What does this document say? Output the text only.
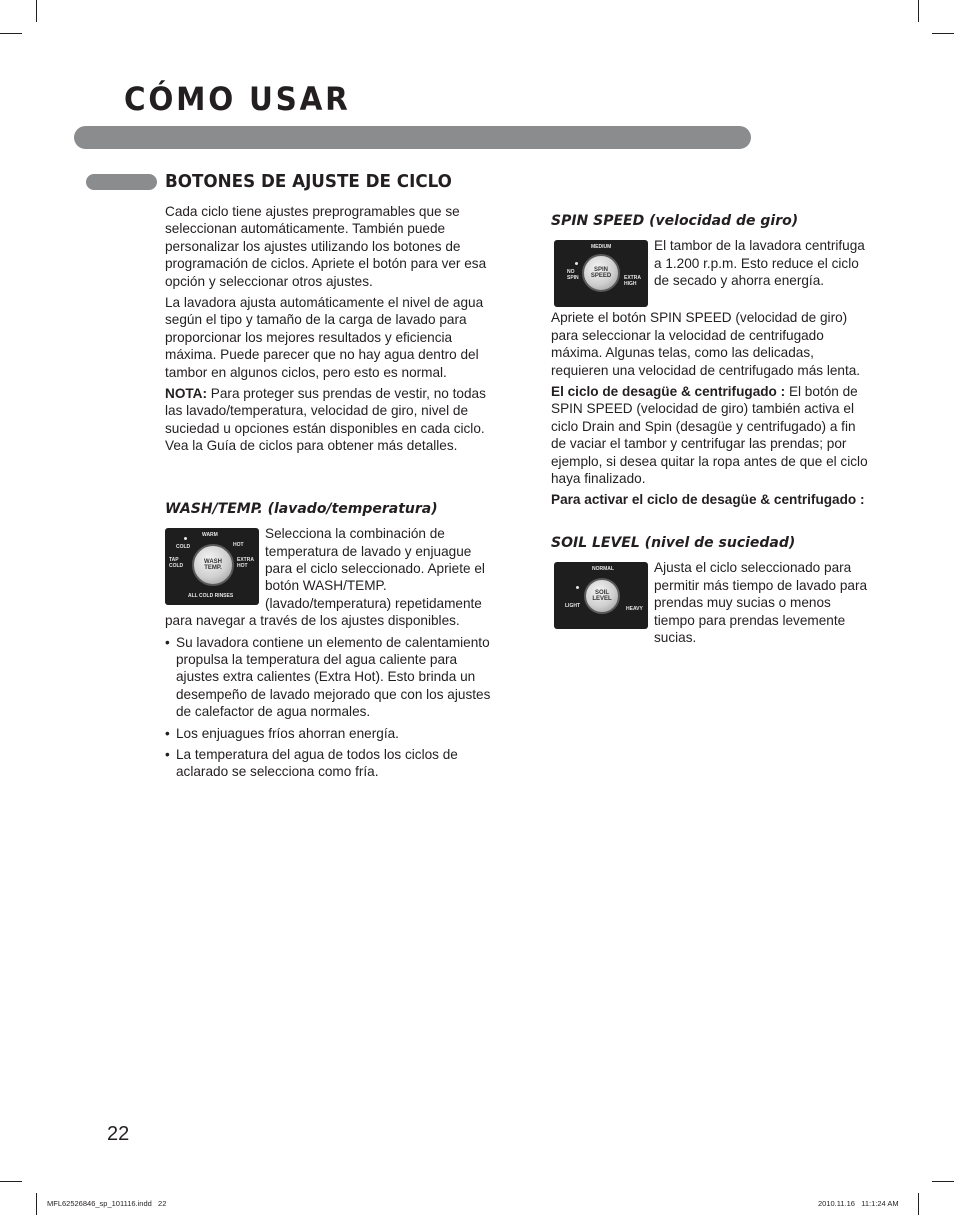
CÓMO USAR
BOTONES DE AJUSTE DE CICLO

Cada ciclo tiene ajustes preprogramables que se seleccionan automáticamente. También puede personalizar los ajustes utilizando los botones de programación de ciclos. Apriete el botón para ver esa opción y seleccionar otros ajustes.

La lavadora ajusta automáticamente el nivel de agua según el tipo y tamaño de la carga de lavado para proporcionar los mejores resultados y eficiencia máxima. Puede parecer que no hay agua dentro del tambor en algunos ciclos, pero esto es normal.

NOTA: Para proteger sus prendas de vestir, no todas las lavado/temperatura, velocidad de giro, nivel de suciedad u opciones están disponibles en cada ciclo. Vea la Guía de ciclos para obtener más detalles.

WASH/TEMP. (lavado/temperatura)
WARM
COLD	HOT
TAP
COLD
EXTRA
HOT
ALL COLD RINSES
WASH
TEMP.

Selecciona la combinación de temperatura de lavado y enjuague para el ciclo seleccionado. Apriete el botón WASH/TEMP. (lavado/temperatura) repetidamente para navegar a través de los ajustes disponibles.

• Su lavadora contiene un elemento de calentamiento propulsa la temperatura del agua caliente para ajustes extra calientes (Extra Hot). Esto brinda un desempeño de lavado mejorado que con los ajustes de calefactor de agua normales.
• Los enjuagues fríos ahorran energía.
• La temperatura del agua de todos los ciclos de aclarado se selecciona como fría.
SPIN SPEED (velocidad de giro)
MEDIUM
NO
SPIN	EXTRA
HIGH
SPIN
SPEED

El tambor de la lavadora centrifuga a 1.200 r.p.m. Esto reduce el ciclo de secado y ahorra energía.

Apriete el botón SPIN SPEED (velocidad de giro) para seleccionar la velocidad de centrifugado máxima. Algunas telas, como las delicadas, requieren una velocidad de centrifugado más lenta.

El ciclo de desagüe & centrifugado : El botón de SPIN SPEED (velocidad de giro) también activa el ciclo Drain and Spin (desagüe y centrifugado) a fin de vaciar el tambor y centrifugar las prendas; por ejemplo, si desea quitar la ropa antes de que el ciclo haya finalizado.

Para activar el ciclo de desagüe & centrifugado :

SOIL LEVEL (nivel de suciedad)
NORMAL
LIGHT	HEAVY
SOIL
LEVEL

Ajusta el ciclo seleccionado para permitir más tiempo de lavado para prendas muy sucias o menos tiempo para prendas levemente sucias.

22
MFL62526846_sp_101116.indd   22	2010.11.16   11:1:24 AM
